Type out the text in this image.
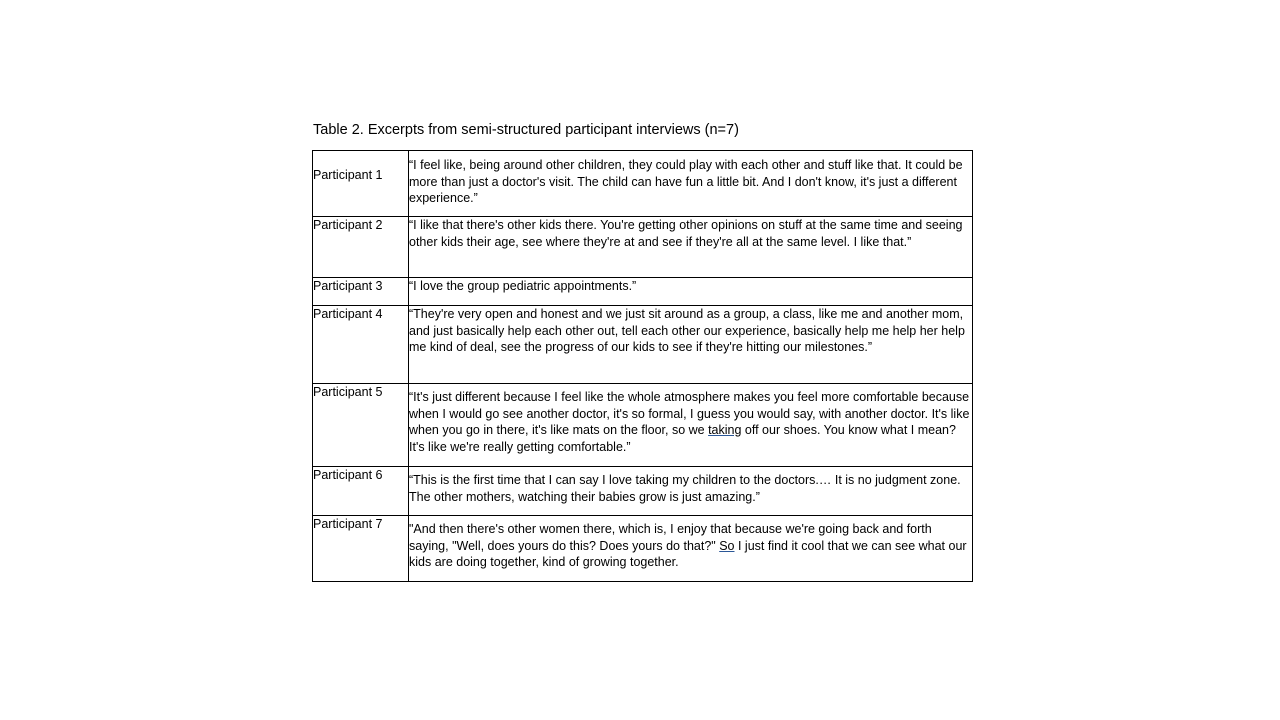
Table 2. Excerpts from semi-structured participant interviews (n=7)
Participant 1	“I feel like, being around other children, they could play with each other and stuff like that. It could be more than just a doctor's visit. The child can have fun a little bit. And I don't know, it's just a different experience.”
Participant 2	“I like that there's other kids there. You're getting other opinions on stuff at the same time and seeing other kids their age, see where they're at and see if they're all at the same level. I like that.”
Participant 3	“I love the group pediatric appointments.”
Participant 4	“They're very open and honest and we just sit around as a group, a class, like me and another mom, and just basically help each other out, tell each other our experience, basically help me help her help me kind of deal, see the progress of our kids to see if they're hitting our milestones.”
Participant 5	“It's just different because I feel like the whole atmosphere makes you feel more comfortable because when I would go see another doctor, it's so formal, I guess you would say, with another doctor. It's like when you go in there, it's like mats on the floor, so we taking off our shoes. You know what I mean? It's like we're really getting comfortable.”
Participant 6	“This is the first time that I can say I love taking my children to the doctors.… It is no judgment zone. The other mothers, watching their babies grow is just amazing.”
Participant 7	"And then there's other women there, which is, I enjoy that because we're going back and forth saying, "Well, does yours do this? Does yours do that?" So I just find it cool that we can see what our kids are doing together, kind of growing together.
